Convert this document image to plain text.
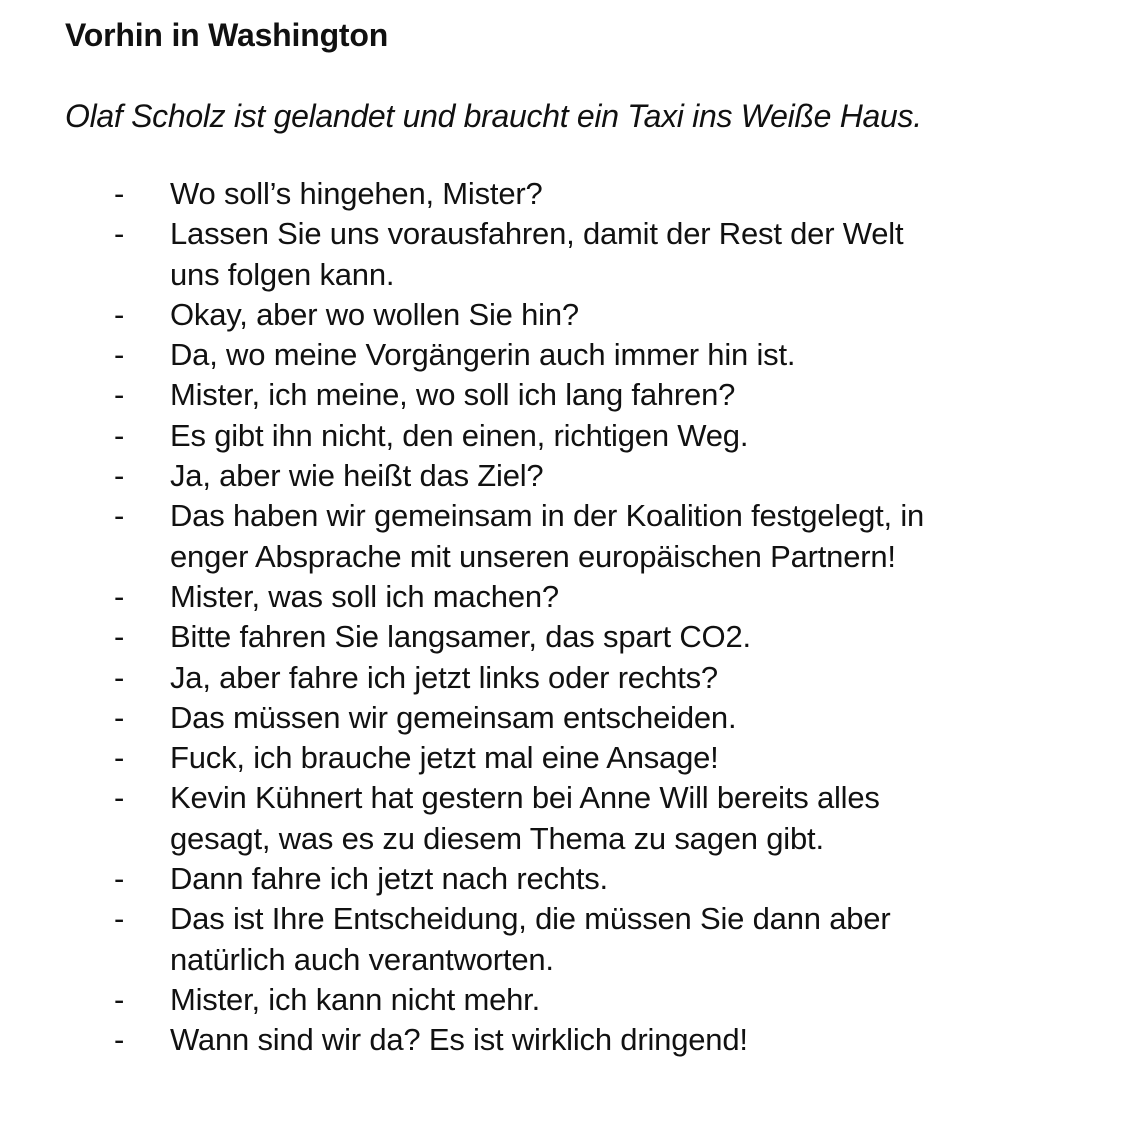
Vorhin in Washington
Olaf Scholz ist gelandet und braucht ein Taxi ins Weiße Haus.
-	Wo soll’s hingehen, Mister?
-	Lassen Sie uns vorausfahren, damit der Rest der Welt
uns folgen kann.
-	Okay, aber wo wollen Sie hin?
-	Da, wo meine Vorgängerin auch immer hin ist.
-	Mister, ich meine, wo soll ich lang fahren?
-	Es gibt ihn nicht, den einen, richtigen Weg.
-	Ja, aber wie heißt das Ziel?
-	Das haben wir gemeinsam in der Koalition festgelegt, in
enger Absprache mit unseren europäischen Partnern!
-	Mister, was soll ich machen?
-	Bitte fahren Sie langsamer, das spart CO2.
-	Ja, aber fahre ich jetzt links oder rechts?
-	Das müssen wir gemeinsam entscheiden.
-	Fuck, ich brauche jetzt mal eine Ansage!
-	Kevin Kühnert hat gestern bei Anne Will bereits alles
gesagt, was es zu diesem Thema zu sagen gibt.
-	Dann fahre ich jetzt nach rechts.
-	Das ist Ihre Entscheidung, die müssen Sie dann aber
natürlich auch verantworten.
-	Mister, ich kann nicht mehr.
-	Wann sind wir da? Es ist wirklich dringend!
